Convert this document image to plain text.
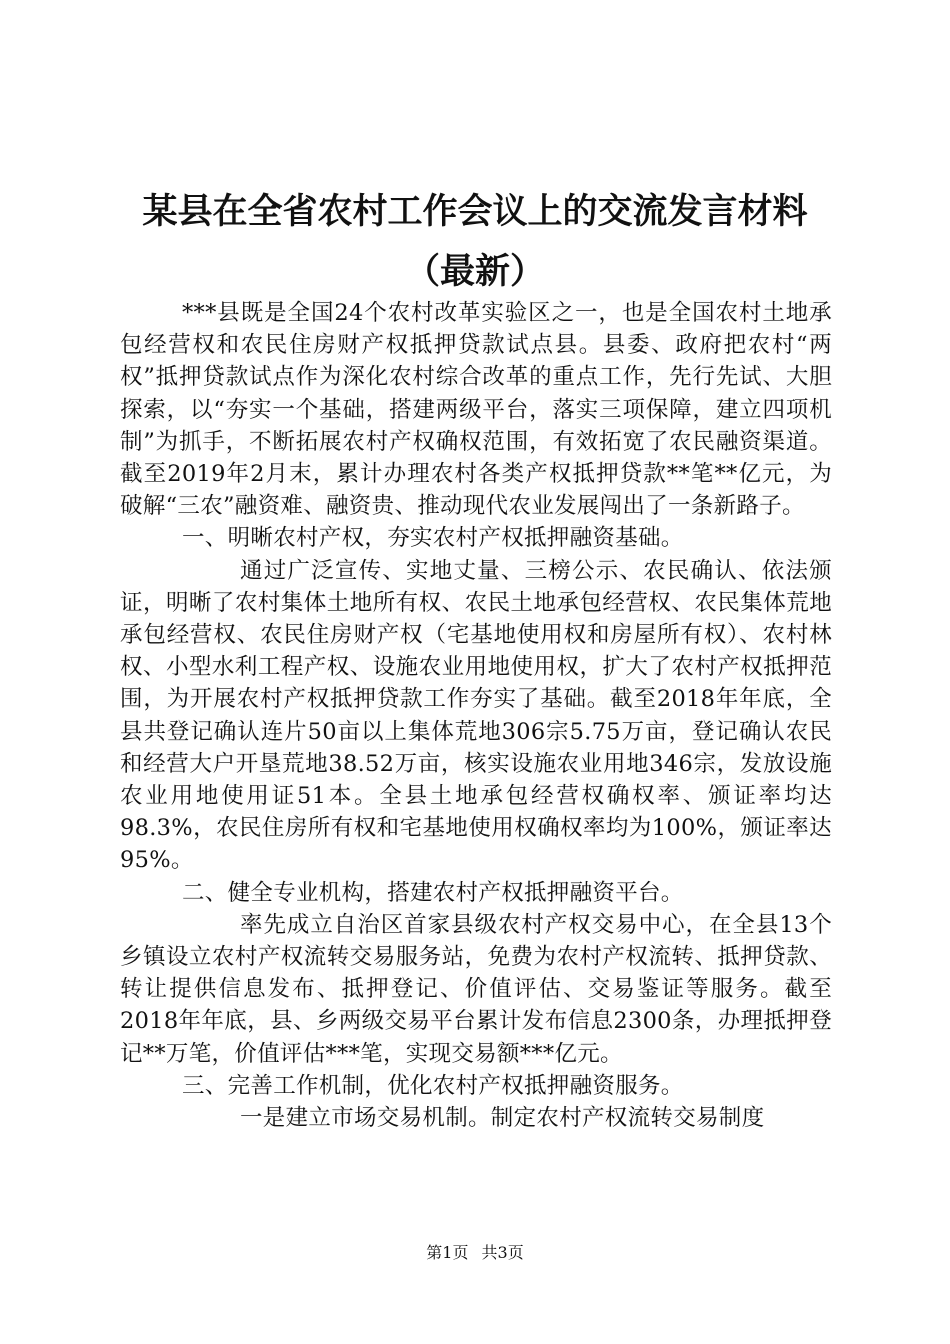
某县在全省农村工作会议上的交流发言材料
（最新）

***县既是全国24个农村改革实验区之一，也是全国农村土地承包经营权和农民住房财产权抵押贷款试点县。县委、政府把农村“两权”抵押贷款试点作为深化农村综合改革的重点工作，先行先试、大胆探索，以“夯实一个基础，搭建两级平台，落实三项保障，建立四项机制”为抓手，不断拓展农村产权确权范围，有效拓宽了农民融资渠道。截至2019年2月末，累计办理农村各类产权抵押贷款**笔**亿元，为破解“三农”融资难、融资贵、推动现代农业发展闯出了一条新路子。

一、明晰农村产权，夯实农村产权抵押融资基础。

通过广泛宣传、实地丈量、三榜公示、农民确认、依法颁证，明晰了农村集体土地所有权、农民土地承包经营权、农民集体荒地承包经营权、农民住房财产权（宅基地使用权和房屋所有权）、农村林权、小型水利工程产权、设施农业用地使用权，扩大了农村产权抵押范围，为开展农村产权抵押贷款工作夯实了基础。截至2018年年底，全县共登记确认连片50亩以上集体荒地306宗5.75万亩，登记确认农民和经营大户开垦荒地38.52万亩，核实设施农业用地346宗，发放设施农业用地使用证51本。全县土地承包经营权确权率、颁证率均达98.3%，农民住房所有权和宅基地使用权确权率均为100%，颁证率达95%。

二、健全专业机构，搭建农村产权抵押融资平台。

率先成立自治区首家县级农村产权交易中心，在全县13个乡镇设立农村产权流转交易服务站，免费为农村产权流转、抵押贷款、转让提供信息发布、抵押登记、价值评估、交易鉴证等服务。截至2018年年底，县、乡两级交易平台累计发布信息2300条，办理抵押登记**万笔，价值评估***笔，实现交易额***亿元。

三、完善工作机制，优化农村产权抵押融资服务。

一是建立市场交易机制。制定农村产权流转交易制度

第1页 共3页
